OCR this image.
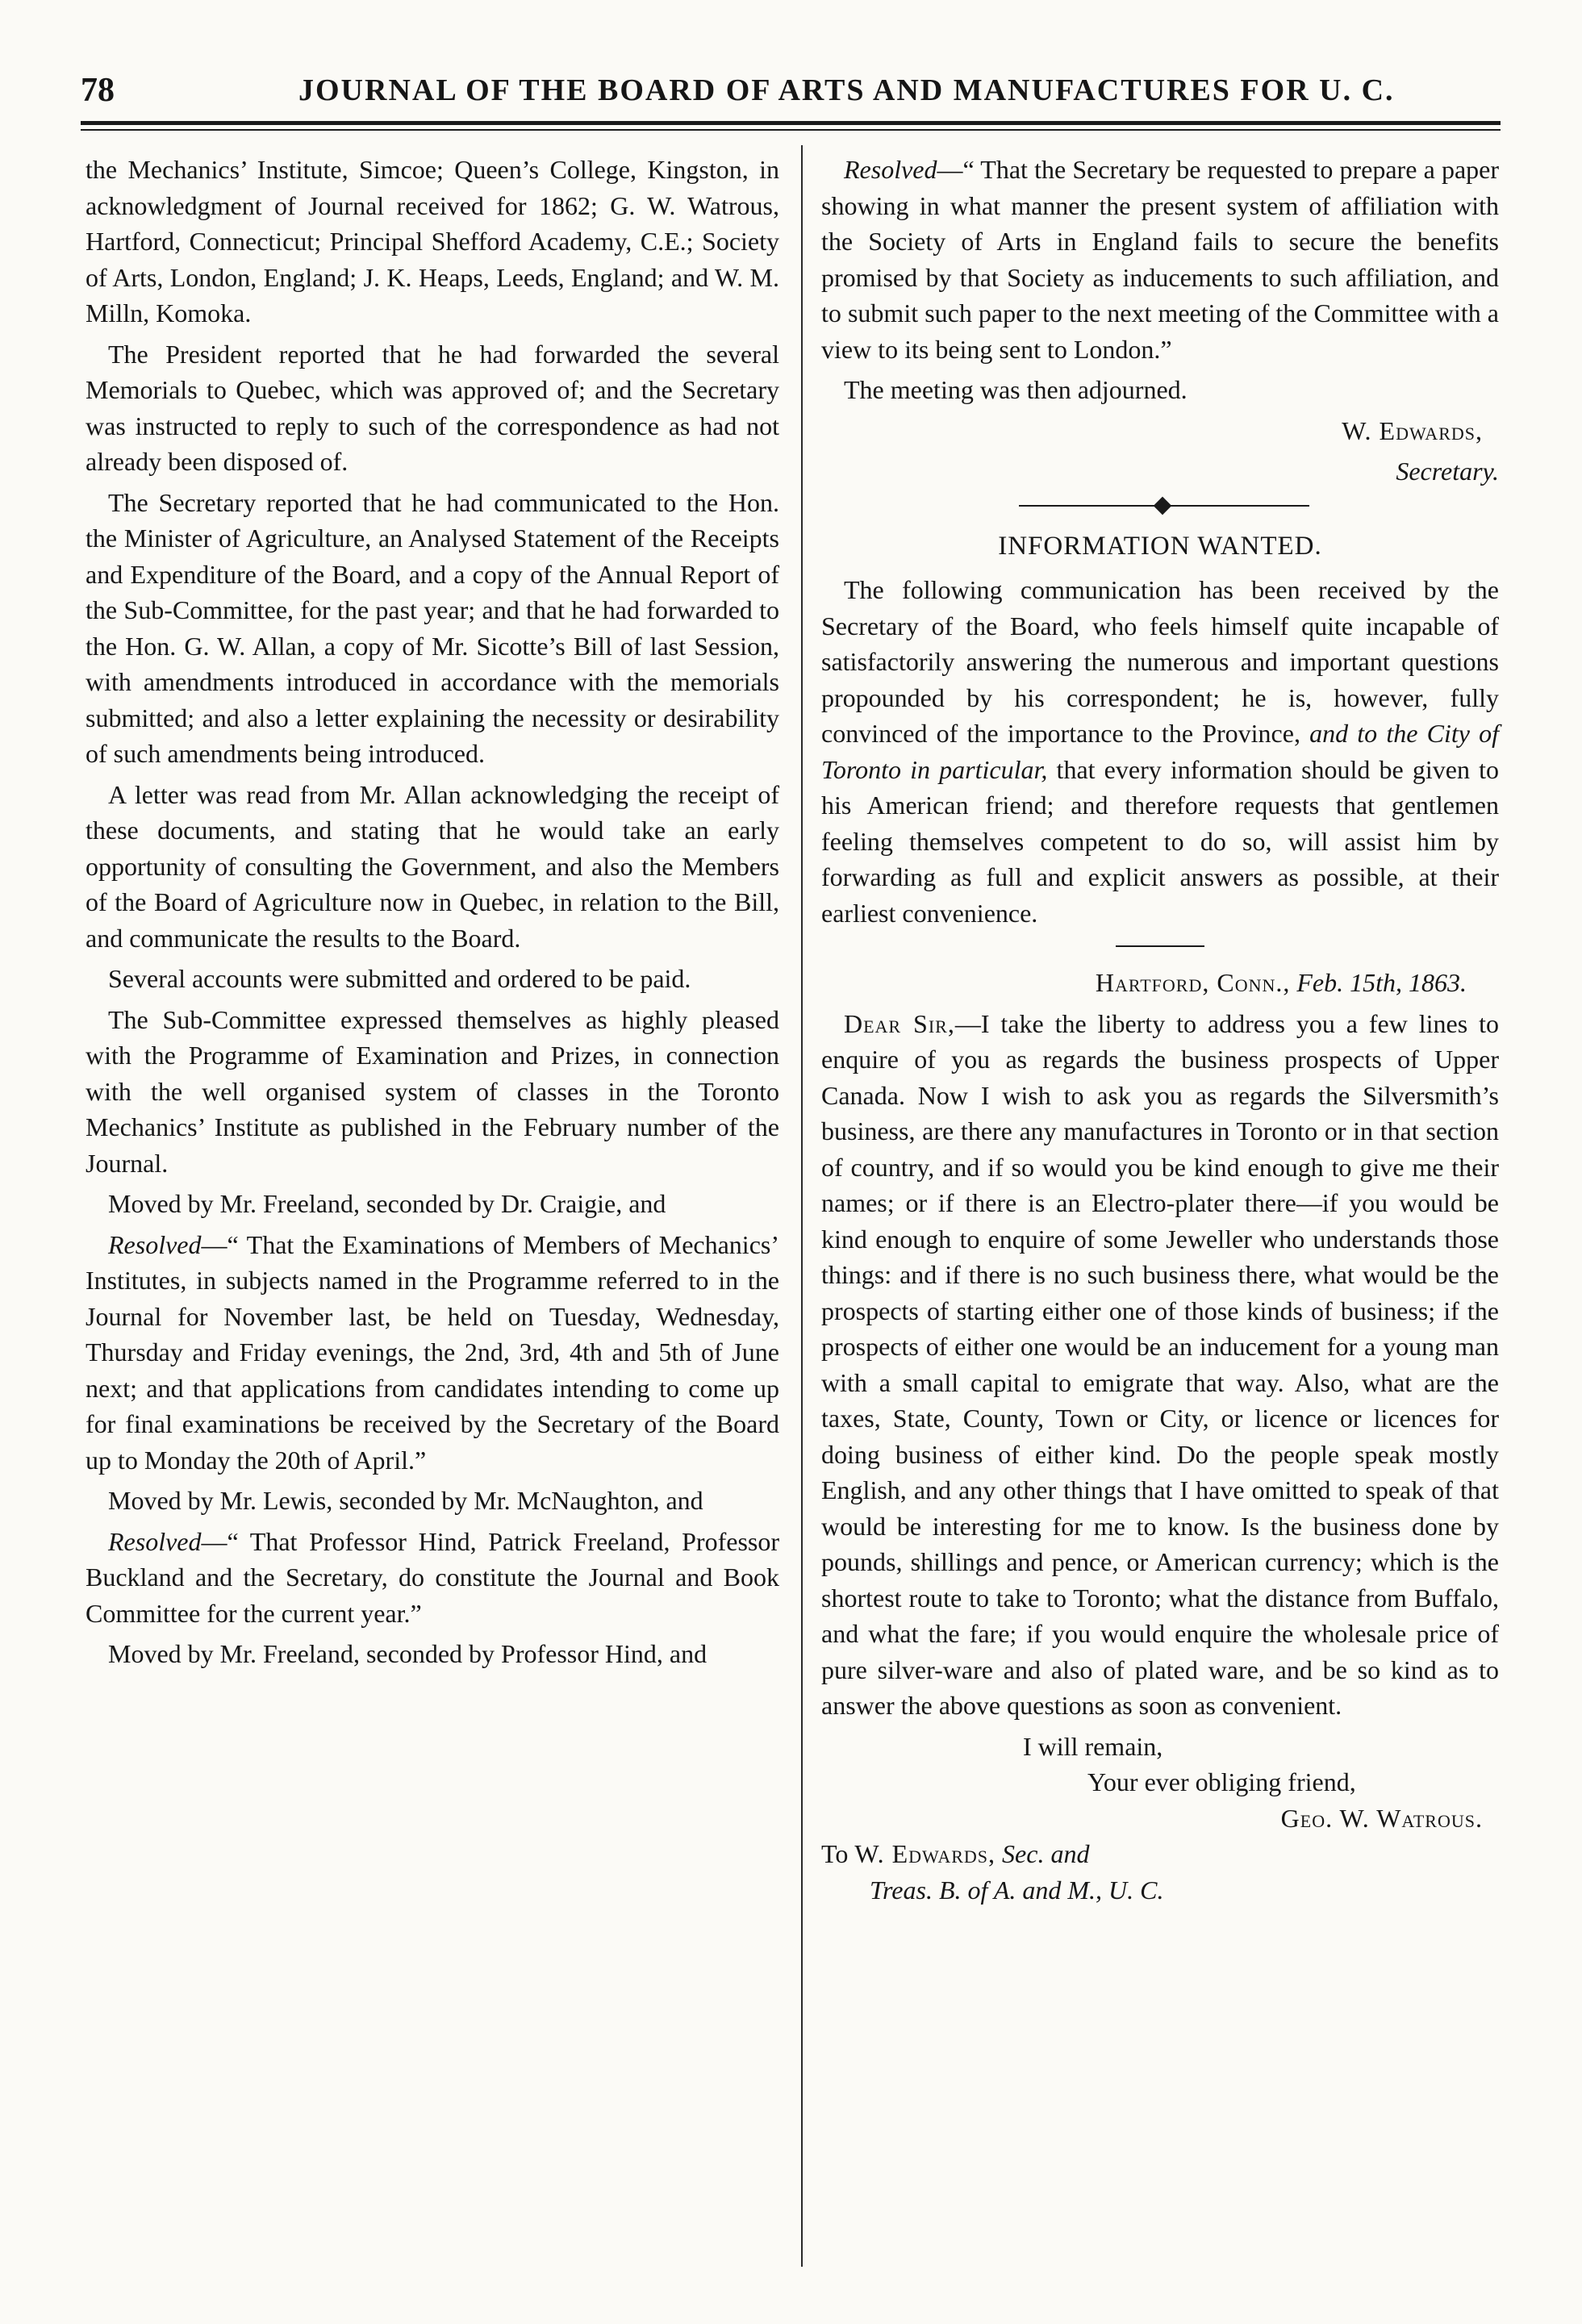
78	JOURNAL OF THE BOARD OF ARTS AND MANUFACTURES FOR U. C.

the Mechanics’ Institute, Simcoe; Queen’s College, Kingston, in acknowledgment of Journal received for 1862; G. W. Watrous, Hartford, Connecticut; Principal Shefford Academy, C.E.; Society of Arts, London, England; J. K. Heaps, Leeds, England; and W. M. Milln, Komoka.

The President reported that he had forwarded the several Memorials to Quebec, which was approved of; and the Secretary was instructed to reply to such of the correspondence as had not already been disposed of.

The Secretary reported that he had communicated to the Hon. the Minister of Agriculture, an Analysed Statement of the Receipts and Expenditure of the Board, and a copy of the Annual Report of the Sub-Committee, for the past year; and that he had forwarded to the Hon. G. W. Allan, a copy of Mr. Sicotte’s Bill of last Session, with amendments introduced in accordance with the memorials submitted; and also a letter explaining the necessity or desirability of such amendments being introduced.

A letter was read from Mr. Allan acknowledging the receipt of these documents, and stating that he would take an early opportunity of consulting the Government, and also the Members of the Board of Agriculture now in Quebec, in relation to the Bill, and communicate the results to the Board.

Several accounts were submitted and ordered to be paid.

The Sub-Committee expressed themselves as highly pleased with the Programme of Examination and Prizes, in connection with the well organised system of classes in the Toronto Mechanics’ Institute as published in the February number of the Journal.

Moved by Mr. Freeland, seconded by Dr. Craigie, and

Resolved—“ That the Examinations of Members of Mechanics’ Institutes, in subjects named in the Programme referred to in the Journal for November last, be held on Tuesday, Wednesday, Thursday and Friday evenings, the 2nd, 3rd, 4th and 5th of June next; and that applications from candidates intending to come up for final examinations be received by the Secretary of the Board up to Monday the 20th of April.”

Moved by Mr. Lewis, seconded by Mr. McNaughton, and

Resolved—“ That Professor Hind, Patrick Freeland, Professor Buckland and the Secretary, do constitute the Journal and Book Committee for the current year.”

Moved by Mr. Freeland, seconded by Professor Hind, and

Resolved—“ That the Secretary be requested to prepare a paper showing in what manner the present system of affiliation with the Society of Arts in England fails to secure the benefits promised by that Society as inducements to such affiliation, and to submit such paper to the next meeting of the Committee with a view to its being sent to London.”

The meeting was then adjourned.

W. Edwards,

Secretary.

INFORMATION WANTED.

The following communication has been received by the Secretary of the Board, who feels himself quite incapable of satisfactorily answering the numerous and important questions propounded by his correspondent; he is, however, fully convinced of the importance to the Province, and to the City of Toronto in particular, that every information should be given to his American friend; and therefore requests that gentlemen feeling themselves competent to do so, will assist him by forwarding as full and explicit answers as possible, at their earliest convenience.

Hartford, Conn., Feb. 15th, 1863.

Dear Sir,—I take the liberty to address you a few lines to enquire of you as regards the business prospects of Upper Canada. Now I wish to ask you as regards the Silversmith’s business, are there any manufactures in Toronto or in that section of country, and if so would you be kind enough to give me their names; or if there is an Electro-plater there—if you would be kind enough to enquire of some Jeweller who understands those things: and if there is no such business there, what would be the prospects of starting either one of those kinds of business; if the prospects of either one would be an inducement for a young man with a small capital to emigrate that way. Also, what are the taxes, State, County, Town or City, or licence or licences for doing business of either kind. Do the people speak mostly English, and any other things that I have omitted to speak of that would be interesting for me to know. Is the business done by pounds, shillings and pence, or American currency; which is the shortest route to take to Toronto; what the distance from Buffalo, and what the fare; if you would enquire the wholesale price of pure silver-ware and also of plated ware, and be so kind as to answer the above questions as soon as convenient.

I will remain,

Your ever obliging friend,

Geo. W. Watrous.

To W. Edwards, Sec. and

Treas. B. of A. and M., U. C.
